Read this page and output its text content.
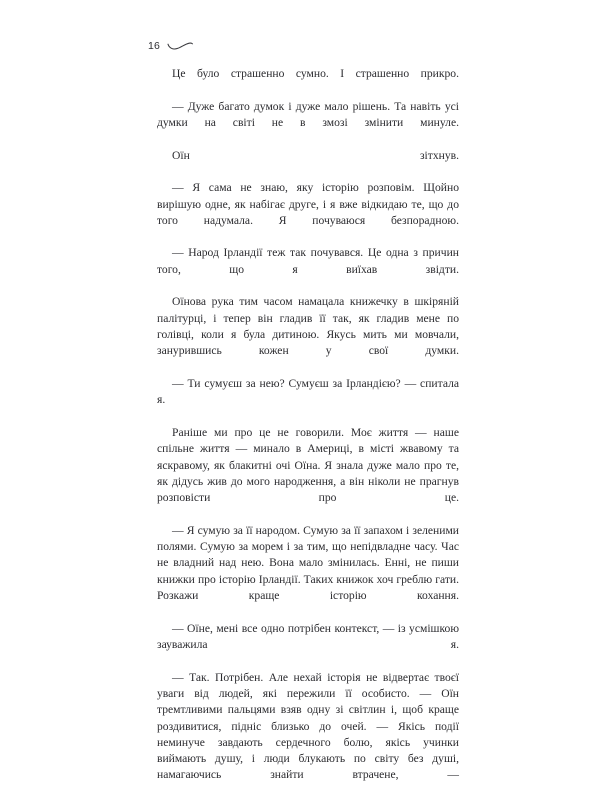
16

Це було страшенно сумно. І страшенно прикро.

— Дуже багато думок і дуже мало рішень. Та навіть усі думки на світі не в змозі змінити минуле.

Оїн зітхнув.

— Я сама не знаю, яку історію розповім. Щойно вирішую одне, як набігає друге, і я вже відкидаю те, що до того надумала. Я почуваюся безпорадною.

— Народ Ірландії теж так почувався. Це одна з причин того, що я виїхав звідти.

Оїнова рука тим часом намацала книжечку в шкіряній палітурці, і тепер він гладив її так, як гладив мене по голівці, коли я була дитиною. Якусь мить ми мовчали, занурившись кожен у свої думки.

— Ти сумуєш за нею? Сумуєш за Ірландією? — спитала я.

Раніше ми про це не говорили. Моє життя — наше спільне життя — минало в Америці, в місті жвавому та яскравому, як блакитні очі Оїна. Я знала дуже мало про те, як дідусь жив до мого народження, а він ніколи не прагнув розповісти про це.

— Я сумую за її народом. Сумую за її запахом і зеленими полями. Сумую за морем і за тим, що непідвладне часу. Час не владний над нею. Вона мало змінилась. Енні, не пиши книжки про історію Ірландії. Таких книжок хоч греблю гати. Розкажи краще історію кохання.

— Оїне, мені все одно потрібен контекст, — із усмішкою зауважила я.

— Так. Потрібен. Але нехай історія не відвертає твоєї уваги від людей, які пережили її особисто. — Оїн тремтливими пальцями взяв одну зі світлин і, щоб краще роздивитися, підніс близько до очей. — Якісь події неминуче завдають сердечного болю, якісь учинки виймають душу, і люди блукають по світу без душі, намагаючись знайти втрачене, —
